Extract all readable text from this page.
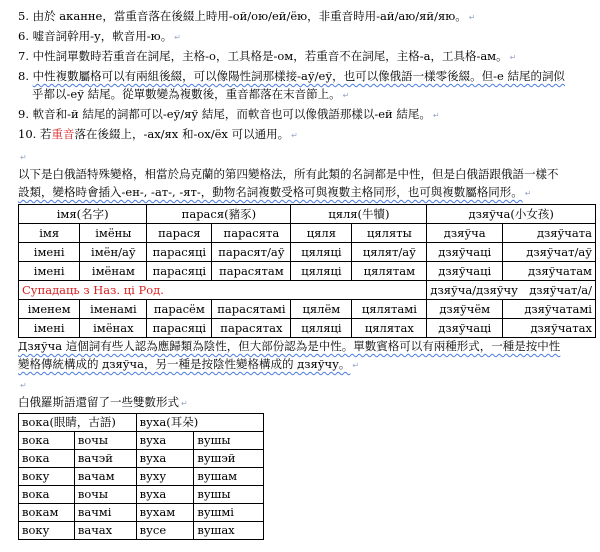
5. 由於 аканне，當重音落在後綴上時用-ой/ою/ей/ёю，非重音時用-ай/аю/яй/яю。 ↵
6. 嘘音詞幹用-у，軟音用-ю。 ↵
7. 中性詞單數時若重音在詞尾，主格-о，工具格是-ом，若重音不在詞尾，主格-а，工具格-ам。 ↵
8. 中性複數屬格可以有兩組後綴，可以像陽性詞那樣接-аў/еў，也可以像俄語一樣零後綴。但-е 結尾的詞似
乎都以-еў 結尾。從單數變為複數後，重音都落在末音節上。 ↵
9. 軟音和-й 結尾的詞都可以-еў/яў 結尾，而軟音也可以像俄語那樣以-ей 結尾。 ↵
10. 若重音落在後綴上，-ах/ях 和-ох/ёх 可以通用。 ↵
↵
以下是白俄語特殊變格，相當於烏克蘭的第四變格法，所有此類的名詞都是中性，但是白俄語跟俄語一樣不
設類，變格時會插入-ен-, -ат-, -ят-，動物名詞複數受格可與複數主格同形，也可與複數屬格同形。 ↵
імя(名字)		парася(豬豕)		цяля(牛犢)		дзяўча(小女孩)	
імя	імёны	парася	парасята	цяля	цяляты	дзяўча	дзяўчата
імені	імён/аў	парасяці	парасят/аў	цяляці	цялят/аў	дзяўчаці	дзяўчат/аў
імені	імёнам	парасяці	парасятам	цяляці	цялятам	дзяўчаці	дзяўчатам
Супадаць з Наз. ці Род.						дзяўча/дзяўчу дзяўчат/а/	
іменем	іменамі	парасём	парасятамі	цялём	цялятамі	дзяўчём	дзяўчатамі
імені	імёнах	парасяці	парасятах	цяляці	цялятах	дзяўчаці	дзяўчатах
Дзяўча 這個詞有些人認為應歸類為陰性，但大部份認為是中性。單數賓格可以有兩種形式，一種是按中性
變格傳統構成的 дзяўча，另一種是按陰性變格構成的 дзяўчу。 ↵
↵
白俄羅斯語還留了一些雙數形式 ↵
вока(眼睛，古語)		вуха(耳朵)	
вока	вочы	вуха	вушы
вока	вачэй	вуха	вушэй
воку	вачам	вуху	вушам
вока	вочы	вуха	вушы
вокам	вачмі	вухам	вушмі
воку	вачах	вусе	вушах
